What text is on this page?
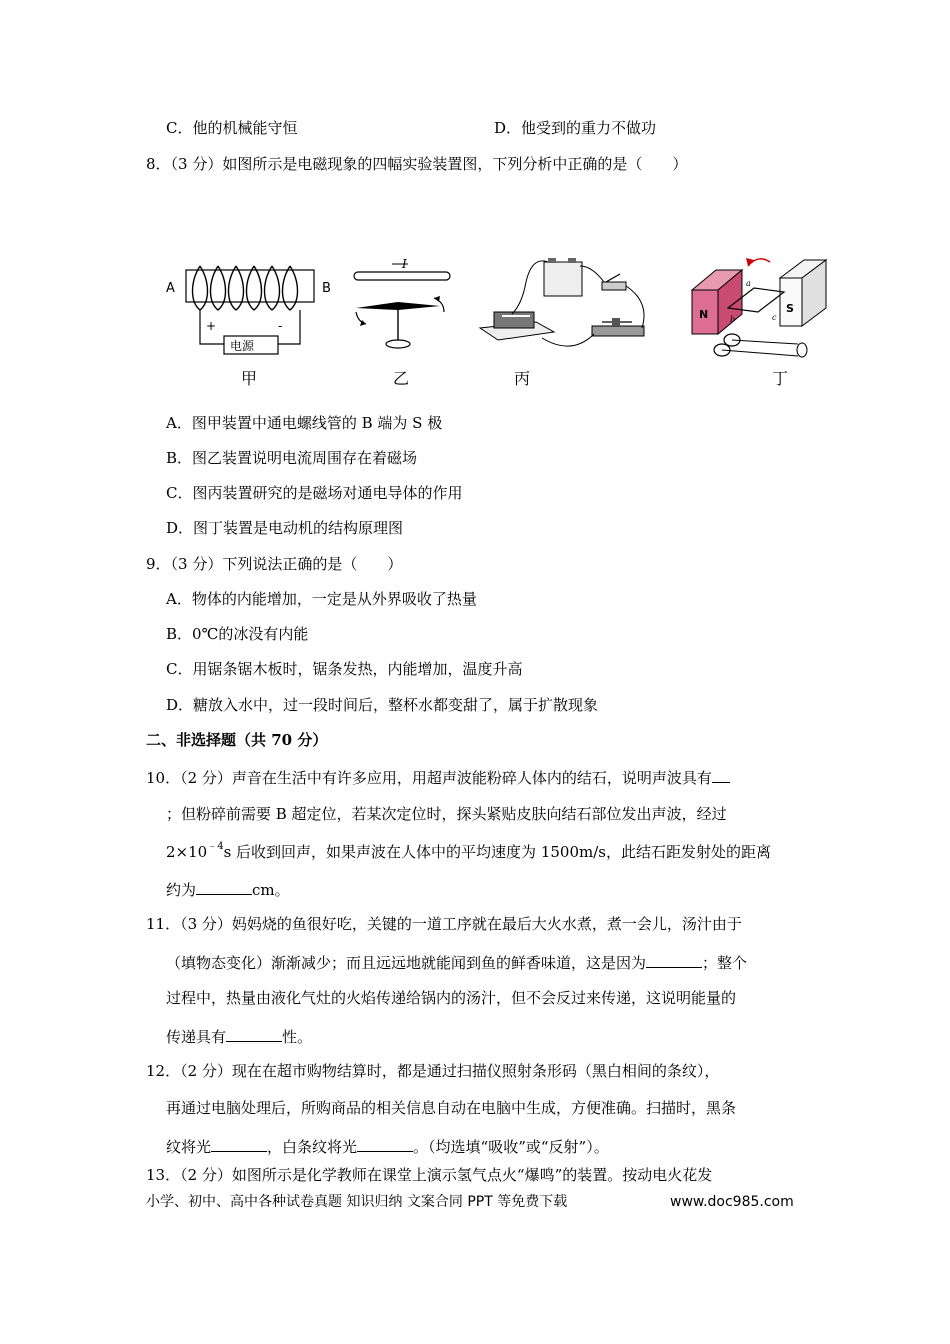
C．他的机械能守恒	D．他受到的重力不做功
8．（3 分）如图所示是电磁现象的四幅实验装置图，下列分析中正确的是（　　）
A	B
+	-
电源
甲
I
乙	丙
N	S
a
b	c
丁
A．图甲装置中通电螺线管的 B 端为 S 极
B．图乙装置说明电流周围存在着磁场
C．图丙装置研究的是磁场对通电导体的作用
D．图丁装置是电动机的结构原理图
9．（3 分）下列说法正确的是（　　）
A．物体的内能增加，一定是从外界吸收了热量
B．0℃的冰没有内能
C．用锯条锯木板时，锯条发热，内能增加，温度升高
D．糖放入水中，过一段时间后，整杯水都变甜了，属于扩散现象
二、非选择题（共 70 分）
10．（2 分）声音在生活中有许多应用，用超声波能粉碎人体内的结石，说明声波具有
；但粉碎前需要 B 超定位，若某次定位时，探头紧贴皮肤向结石部位发出声波，经过
$2\times 10^{﹣4}s$ 后收到回声，如果声波在人体中的平均速度为 1500m/s，此结石距发射处的距离
约为	cm。
11．（3 分）妈妈烧的鱼很好吃，关键的一道工序就在最后大火水煮，煮一会儿，汤汁由于
（填物态变化）渐渐减少；而且远远地就能闻到鱼的鲜香味道，这是因为	；整个
过程中，热量由液化气灶的火焰传递给锅内的汤汁，但不会反过来传递，这说明能量的
传递具有	性。
12．（2 分）现在在超市购物结算时，都是通过扫描仪照射条形码（黑白相间的条纹），
再通过电脑处理后，所购商品的相关信息自动在电脑中生成，方便准确。扫描时，黑条
纹将光	，白条纹将光	。（均选填“吸收”或“反射”）。
13．（2 分）如图所示是化学教师在课堂上演示氢气点火“爆鸣”的装置。按动电火花发
小学、初中、高中各种试卷真题 知识归纳 文案合同 PPT 等免费下载	www.doc985.com
